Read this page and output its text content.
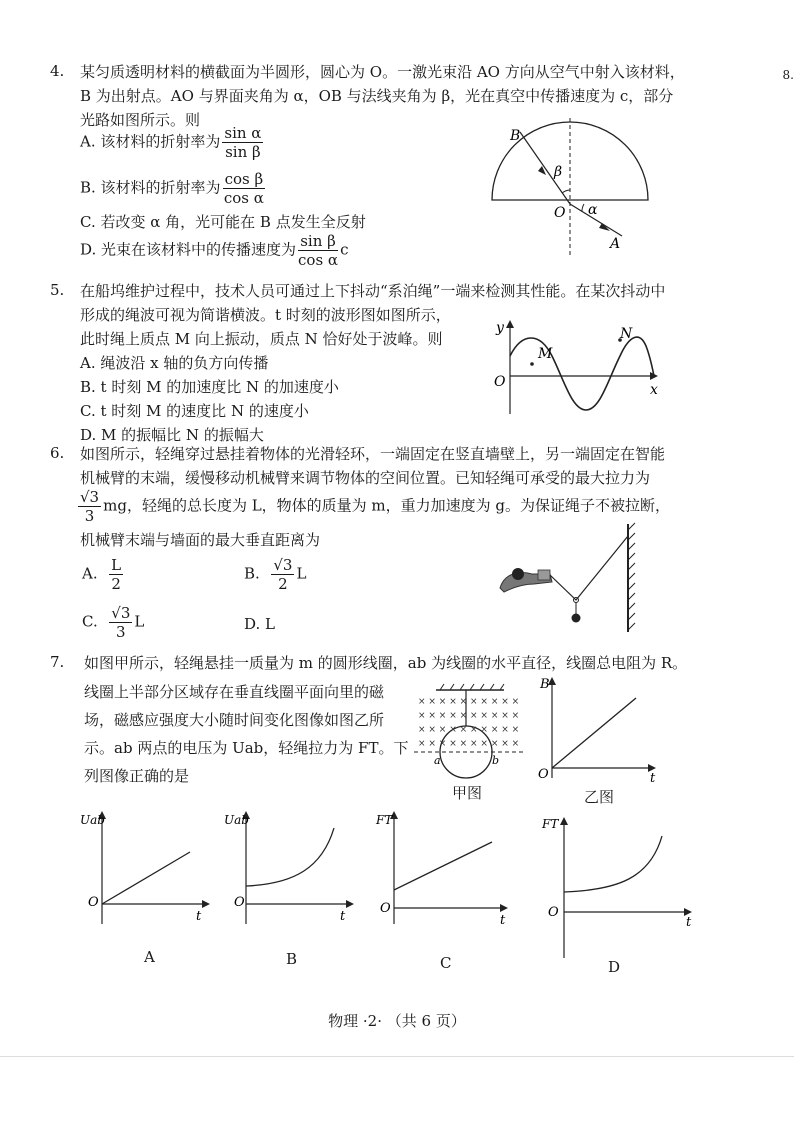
8.
4. 某匀质透明材料的横截面为半圆形，圆心为 O。一激光束沿 AO 方向从空气中射入该材料，
B 为出射点。AO 与界面夹角为 α，OB 与法线夹角为 β，光在真空中传播速度为 c，部分
光路如图所示。则
A. 该材料的折射率为 $\frac{\text{sin α}}{\text{sin β}}$
B. 该材料的折射率为 $\frac{\text{cos β}}{\text{cos α}}$
C. 若改变 α 角，光可能在 B 点发生全反射
D. 光束在该材料中的传播速度为 $\frac{\text{sin β}}{\text{cos α}}$ c
B
β
O α
A
5. 在船坞维护过程中，技术人员可通过上下抖动“系泊绳”一端来检测其性能。在某次抖动中
形成的绳波可视为简谐横波。t 时刻的波形图如图所示，
此时绳上质点 M 向上振动，质点 N 恰好处于波峰。则
A. 绳波沿 x 轴的负方向传播
B. t 时刻 M 的加速度比 N 的加速度小
C. t 时刻 M 的速度比 N 的速度小
D. M 的振幅比 N 的振幅大
y
x
O
M
N
6. 如图所示，轻绳穿过悬挂着物体的光滑轻环，一端固定在竖直墙壁上，另一端固定在智能
机械臂的末端，缓慢移动机械臂来调节物体的空间位置。已知轻绳可承受的最大拉力为
$\frac{√3}{3}$ mg，轻绳的总长度为 L，物体的质量为 m，重力加速度为 g。为保证绳子不被拉断，
机械臂末端与墙面的最大垂直距离为
A. $\frac{L}{2}$	B. $\frac{√3}{2}$ L
C. $\frac{√3}{3}$ L	D. L
7. 如图甲所示，轻绳悬挂一质量为 m 的圆形线圈，ab 为线圈的水平直径，线圈总电阻为 R。
线圈上半部分区域存在垂直线圈平面向里的磁
场，磁感应强度大小随时间变化图像如图乙所
示。ab 两点的电压为 Uab，轻绳拉力为 FT。下
列图像正确的是
× × × × × × × × × ×
× × × × × × × × × ×
× × × × × × × × × ×
× × × × × × × × × ×
a	b
甲图
B
t
O
乙图
Uab
O
t
A
Uab
O
t
B
FT
O
t
C
FT
O
t
D
物理 ·2· （共 6 页）
